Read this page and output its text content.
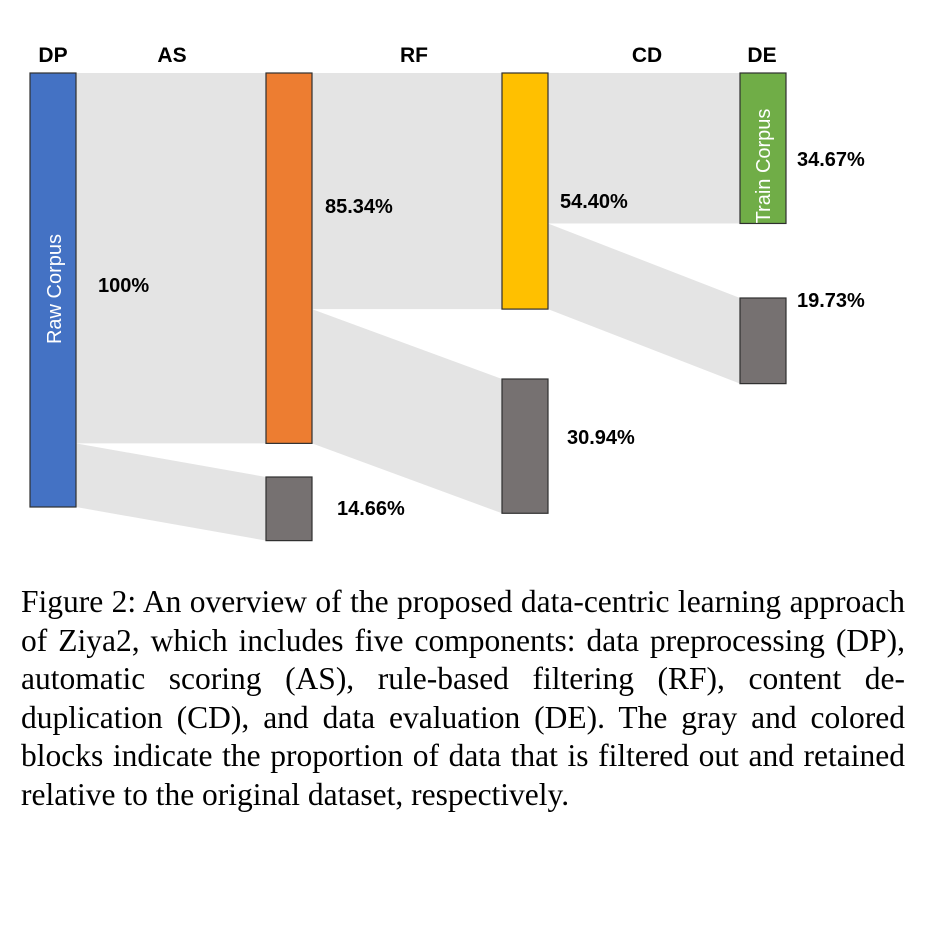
DP	AS	RF	CD	DE
Raw Corpus
Train Corpus
100%
85.34%
14.66%
54.40%
30.94%
34.67%
19.73%

Figure 2: An overview of the proposed data-centric learning approach of Ziya2, which includes five components: data preprocessing (DP), automatic scoring (AS), rule-based filtering (RF), content de-duplication (CD), and data evaluation (DE). The gray and colored blocks indicate the proportion of data that is filtered out and retained relative to the original dataset, respectively.
